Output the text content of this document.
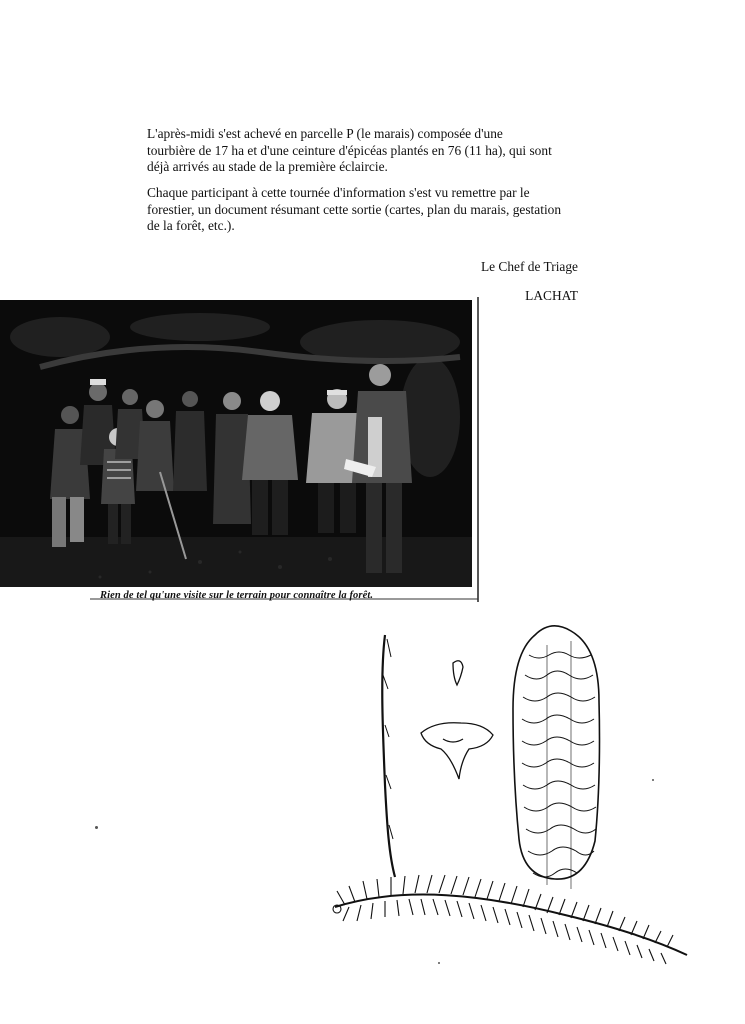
L'après-midi s'est achevé en parcelle P (le marais) composée d'une
tourbière de 17 ha et d'une ceinture d'épicéas plantés en 76 (11 ha), qui sont
déjà arrivés au stade de la première éclaircie.

Chaque participant à cette tournée d'information s'est vu remettre par le
forestier, un document résumant cette sortie (cartes, plan du marais, gestation
de la forêt, etc.).

Le Chef de Triage
LACHAT
Rien de tel qu'une visite sur le terrain pour connaître la forêt.
